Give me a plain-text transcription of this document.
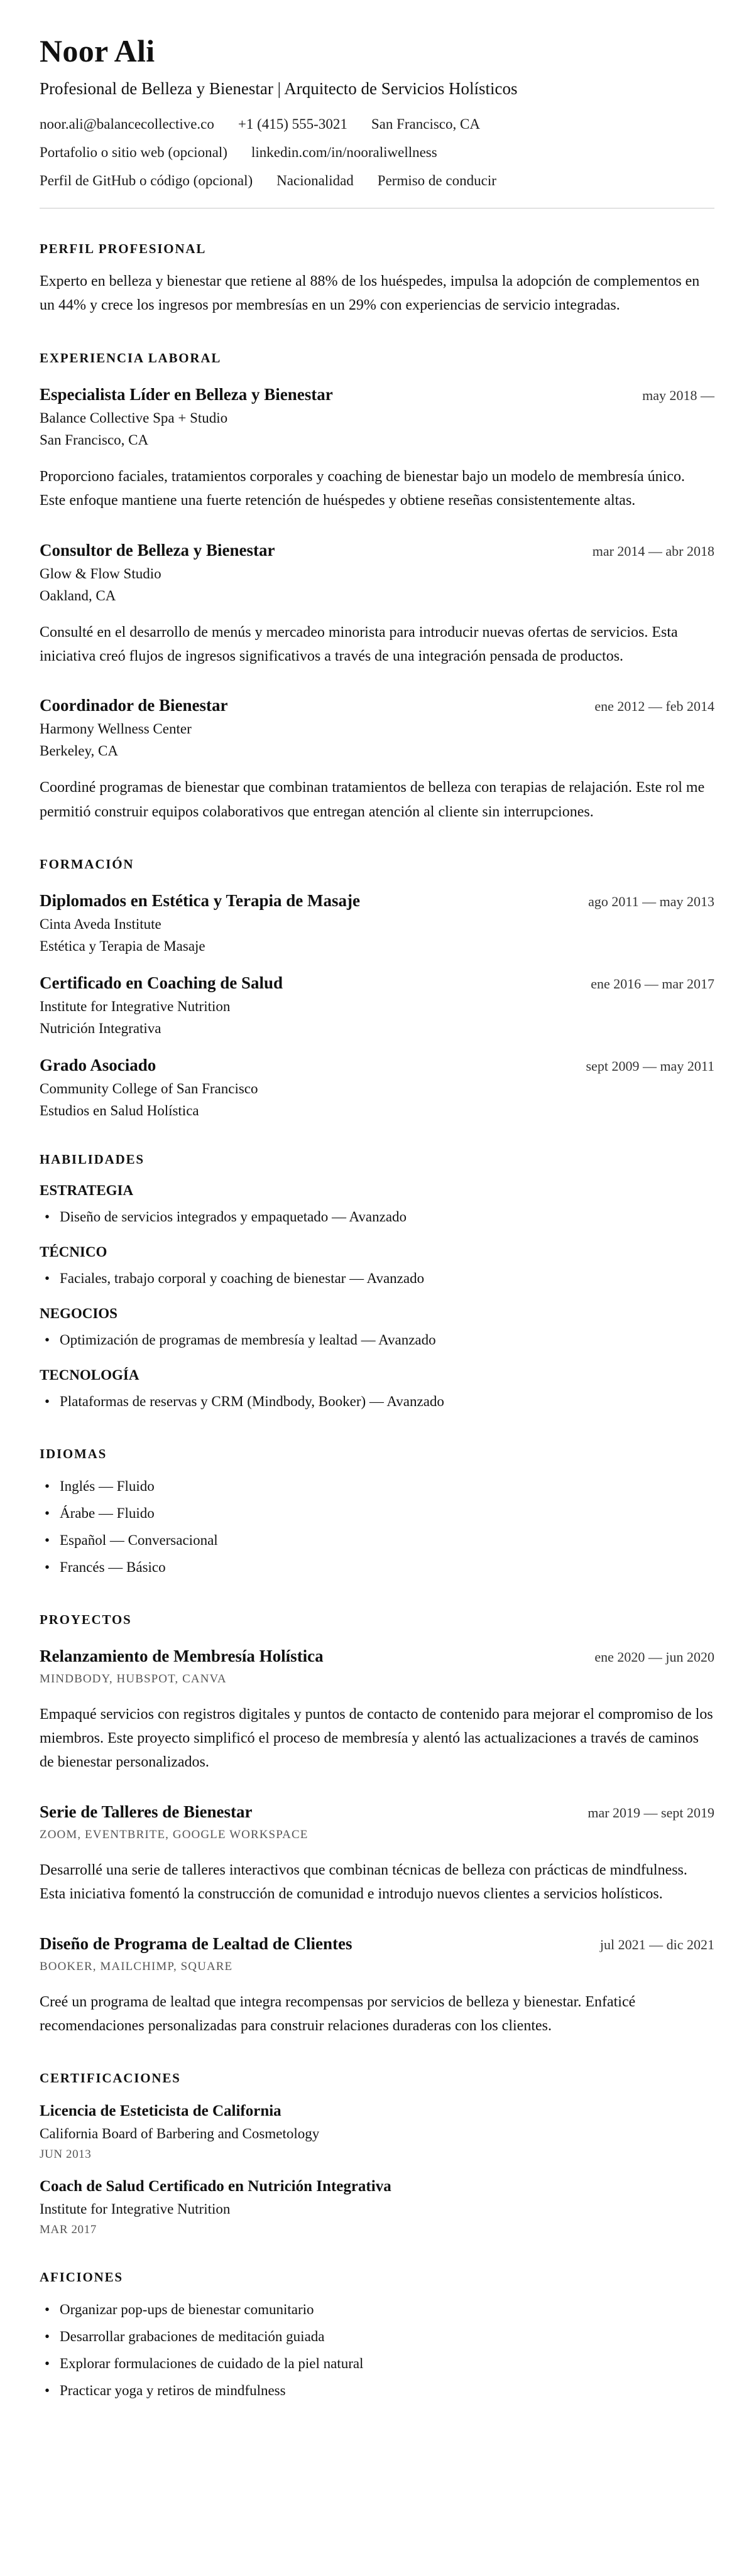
Noor Ali

Profesional de Belleza y Bienestar | Arquitecto de Servicios Holísticos

noor.ali@balancecollective.co +1 (415) 555-3021 San Francisco, CA
Portafolio o sitio web (opcional) linkedin.com/in/nooraliwellness
Perfil de GitHub o código (opcional) Nacionalidad Permiso de conducir
PERFIL PROFESIONAL

Experto en belleza y bienestar que retiene al 88% de los huéspedes, impulsa la adopción de complementos en un 44% y crece los ingresos por membresías en un 29% con experiencias de servicio integradas.

EXPERIENCIA LABORAL
Especialista Líder en Belleza y Bienestar	may 2018 —
Balance Collective Spa + Studio
San Francisco, CA

Proporciono faciales, tratamientos corporales y coaching de bienestar bajo un modelo de membresía único. Este enfoque mantiene una fuerte retención de huéspedes y obtiene reseñas consistentemente altas.

Consultor de Belleza y Bienestar	mar 2014 — abr 2018
Glow & Flow Studio
Oakland, CA

Consulté en el desarrollo de menús y mercadeo minorista para introducir nuevas ofertas de servicios. Esta iniciativa creó flujos de ingresos significativos a través de una integración pensada de productos.

Coordinador de Bienestar	ene 2012 — feb 2014
Harmony Wellness Center
Berkeley, CA

Coordiné programas de bienestar que combinan tratamientos de belleza con terapias de relajación. Este rol me permitió construir equipos colaborativos que entregan atención al cliente sin interrupciones.

FORMACIÓN
Diplomados en Estética y Terapia de Masaje	ago 2011 — may 2013
Cinta Aveda Institute
Estética y Terapia de Masaje
Certificado en Coaching de Salud	ene 2016 — mar 2017
Institute for Integrative Nutrition
Nutrición Integrativa
Grado Asociado	sept 2009 — may 2011
Community College of San Francisco
Estudios en Salud Holística
HABILIDADES
ESTRATEGIA
• Diseño de servicios integrados y empaquetado — Avanzado
TÉCNICO
• Faciales, trabajo corporal y coaching de bienestar — Avanzado
NEGOCIOS
• Optimización de programas de membresía y lealtad — Avanzado
TECNOLOGÍA
• Plataformas de reservas y CRM (Mindbody, Booker) — Avanzado
IDIOMAS
• Inglés — Fluido
• Árabe — Fluido
• Español — Conversacional
• Francés — Básico
PROYECTOS
Relanzamiento de Membresía Holística	ene 2020 — jun 2020
MINDBODY, HUBSPOT, CANVA

Empaqué servicios con registros digitales y puntos de contacto de contenido para mejorar el compromiso de los miembros. Este proyecto simplificó el proceso de membresía y alentó las actualizaciones a través de caminos de bienestar personalizados.

Serie de Talleres de Bienestar	mar 2019 — sept 2019
ZOOM, EVENTBRITE, GOOGLE WORKSPACE

Desarrollé una serie de talleres interactivos que combinan técnicas de belleza con prácticas de mindfulness. Esta iniciativa fomentó la construcción de comunidad e introdujo nuevos clientes a servicios holísticos.

Diseño de Programa de Lealtad de Clientes	jul 2021 — dic 2021
BOOKER, MAILCHIMP, SQUARE

Creé un programa de lealtad que integra recompensas por servicios de belleza y bienestar. Enfaticé recomendaciones personalizadas para construir relaciones duraderas con los clientes.

CERTIFICACIONES
Licencia de Esteticista de California
California Board of Barbering and Cosmetology
JUN 2013
Coach de Salud Certificado en Nutrición Integrativa
Institute for Integrative Nutrition
MAR 2017
AFICIONES
• Organizar pop-ups de bienestar comunitario
• Desarrollar grabaciones de meditación guiada
• Explorar formulaciones de cuidado de la piel natural
• Practicar yoga y retiros de mindfulness
